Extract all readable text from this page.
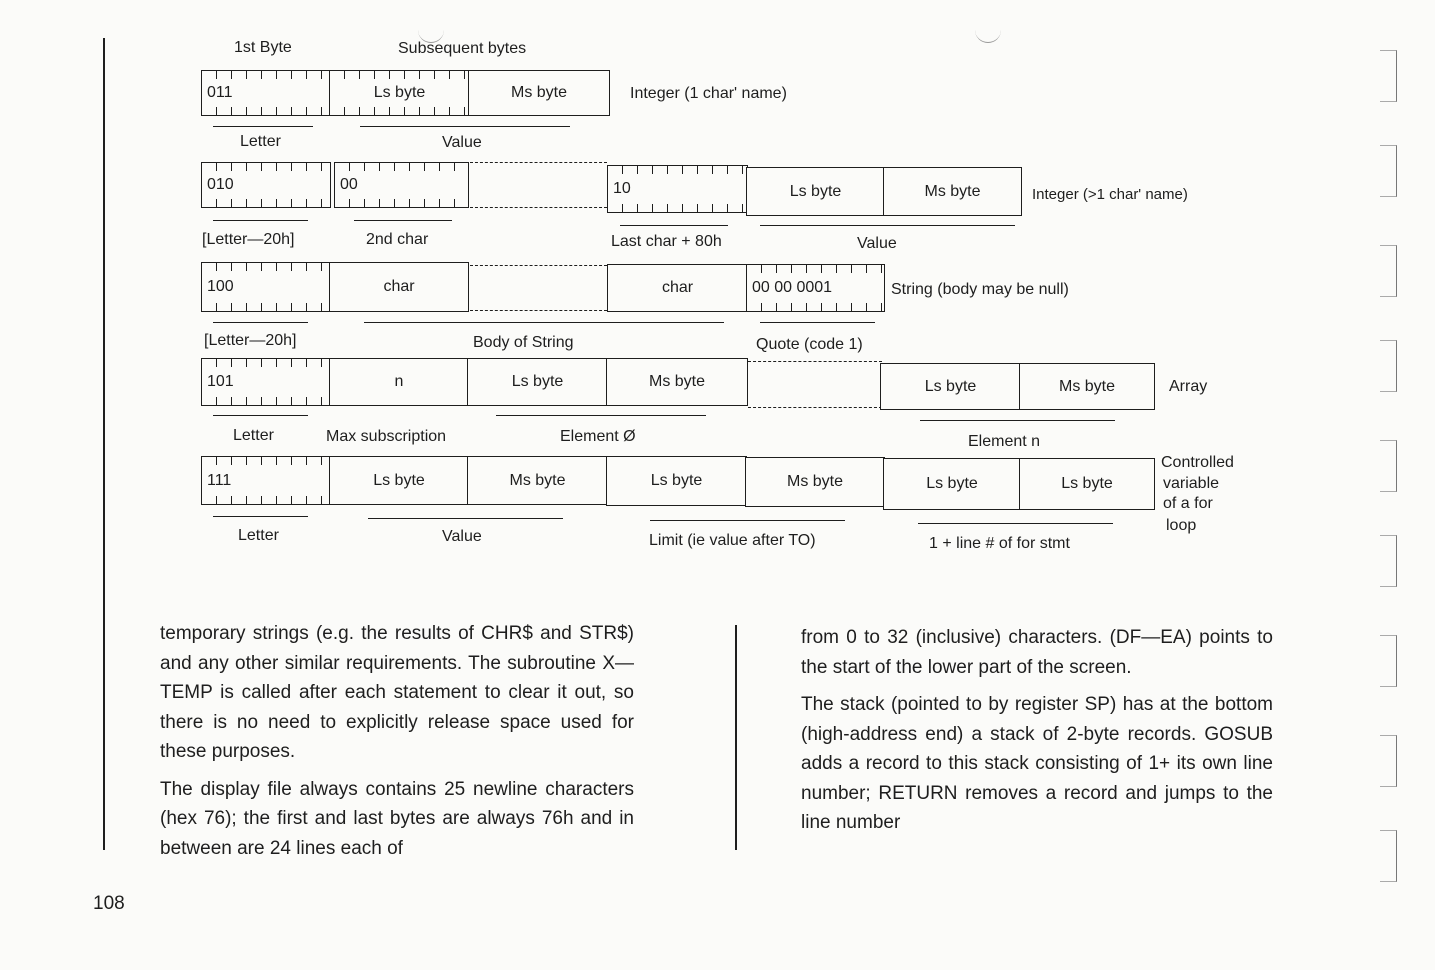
1st Byte	Subsequent bytes
011	Ls byte	Ms byte	Integer (1 char' name)
Letter	Value
010	00	10	Ls byte	Ms byte	Integer (>1 char' name)
[Letter—20h]	2nd char	Last char + 80h	Value
100	char	char	00 00 0001	String (body may be null)
[Letter—20h]	Body of String	Quote (code 1)
101	n	Ls byte	Ms byte	Ls byte	Ms byte	Array
Letter	Max subscription	Element Ø	Element n
111	Ls byte	Ms byte	Ls byte	Ms byte	Ls byte	Ls byte
Controlled
variable
of a for
loop
Letter	Value	Limit (ie value after TO)	1 + line # of for stmt

temporary strings (e.g. the results of CHR$ and STR$) and any other similar requirements. The subroutine X—TEMP is called after each statement to clear it out, so there is no need to explicitly release space used for these purposes.

The display file always contains 25 newline characters (hex 76); the first and last bytes are always 76h and in between are 24 lines each of

from 0 to 32 (inclusive) characters. (DF—EA) points to the start of the lower part of the screen.

The stack (pointed to by register SP) has at the bottom (high-address end) a stack of 2-byte records. GOSUB adds a record to this stack consisting of 1+ its own line number; RETURN removes a record and jumps to the line number

108
